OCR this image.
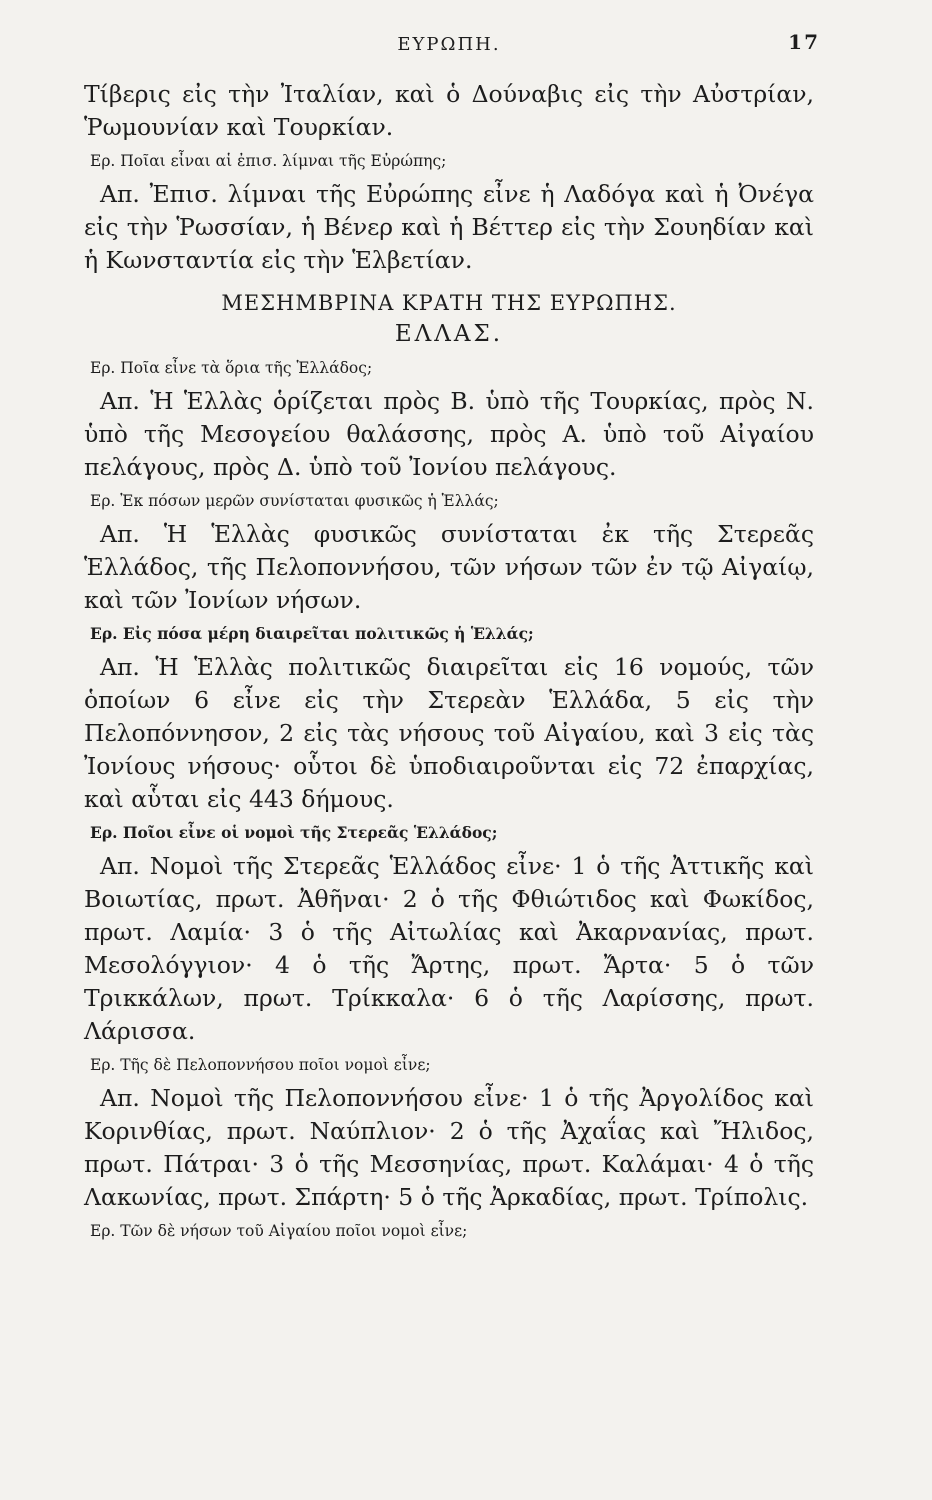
ΕΥΡΩΠΗ.	17

Τίβερις εἰς τὴν Ἰταλίαν, καὶ ὁ Δούναβις εἰς τὴν Αὐστρίαν, Ῥωμουνίαν καὶ Τουρκίαν.

Ερ. Ποῖαι εἶναι αἱ ἐπισ. λίμναι τῆς Εὐρώπης;

Απ. Ἐπισ. λίμναι τῆς Εὐρώπης εἶνε ἡ Λαδόγα καὶ ἡ Ὀνέγα εἰς τὴν Ῥωσσίαν, ἡ Βένερ καὶ ἡ Βέττερ εἰς τὴν Σουηδίαν καὶ ἡ Κωνσταντία εἰς τὴν Ἑλβετίαν.

ΜΕΣΗΜΒΡΙΝΑ ΚΡΑΤΗ ΤΗΣ ΕΥΡΩΠΗΣ.
ΕΛΛΑΣ.

Ερ. Ποῖα εἶνε τὰ ὅρια τῆς Ἑλλάδος;

Απ. Ἡ Ἑλλὰς ὁρίζεται πρὸς Β. ὑπὸ τῆς Τουρκίας, πρὸς Ν. ὑπὸ τῆς Μεσογείου θαλάσσης, πρὸς Α. ὑπὸ τοῦ Αἰγαίου πελάγους, πρὸς Δ. ὑπὸ τοῦ Ἰονίου πελάγους.

Ερ. Ἐκ πόσων μερῶν συνίσταται φυσικῶς ἡ Ἑλλάς;

Απ. Ἡ Ἑλλὰς φυσικῶς συνίσταται ἐκ τῆς Στερεᾶς Ἑλλάδος, τῆς Πελοποννήσου, τῶν νήσων τῶν ἐν τῷ Αἰγαίῳ, καὶ τῶν Ἰονίων νήσων.

Ερ. Εἰς πόσα μέρη διαιρεῖται πολιτικῶς ἡ Ἑλλάς;

Απ. Ἡ Ἑλλὰς πολιτικῶς διαιρεῖται εἰς 16 νομούς, τῶν ὁποίων 6 εἶνε εἰς τὴν Στερεὰν Ἑλλάδα, 5 εἰς τὴν Πελοπόννησον, 2 εἰς τὰς νήσους τοῦ Αἰγαίου, καὶ 3 εἰς τὰς Ἰονίους νήσους· οὗτοι δὲ ὑποδιαιροῦνται εἰς 72 ἐπαρχίας, καὶ αὗται εἰς 443 δήμους.

Ερ. Ποῖοι εἶνε οἱ νομοὶ τῆς Στερεᾶς Ἑλλάδος;

Απ. Νομοὶ τῆς Στερεᾶς Ἑλλάδος εἶνε· 1 ὁ τῆς Ἀττικῆς καὶ Βοιωτίας, πρωτ. Ἀθῆναι· 2 ὁ τῆς Φθιώτιδος καὶ Φωκίδος, πρωτ. Λαμία· 3 ὁ τῆς Αἰτωλίας καὶ Ἀκαρνανίας, πρωτ. Μεσολόγγιον· 4 ὁ τῆς Ἄρτης, πρωτ. Ἄρτα· 5 ὁ τῶν Τρικκάλων, πρωτ. Τρίκκαλα· 6 ὁ τῆς Λαρίσσης, πρωτ. Λάρισσα.

Ερ. Τῆς δὲ Πελοποννήσου ποῖοι νομοὶ εἶνε;

Απ. Νομοὶ τῆς Πελοποννήσου εἶνε· 1 ὁ τῆς Ἀργολίδος καὶ Κορινθίας, πρωτ. Ναύπλιον· 2 ὁ τῆς Ἀχαΐας καὶ Ἤλιδος, πρωτ. Πάτραι· 3 ὁ τῆς Μεσσηνίας, πρωτ. Καλάμαι· 4 ὁ τῆς Λακωνίας, πρωτ. Σπάρτη· 5 ὁ τῆς Ἀρκαδίας, πρωτ. Τρίπολις.

Ερ. Τῶν δὲ νήσων τοῦ Αἰγαίου ποῖοι νομοὶ εἶνε;
